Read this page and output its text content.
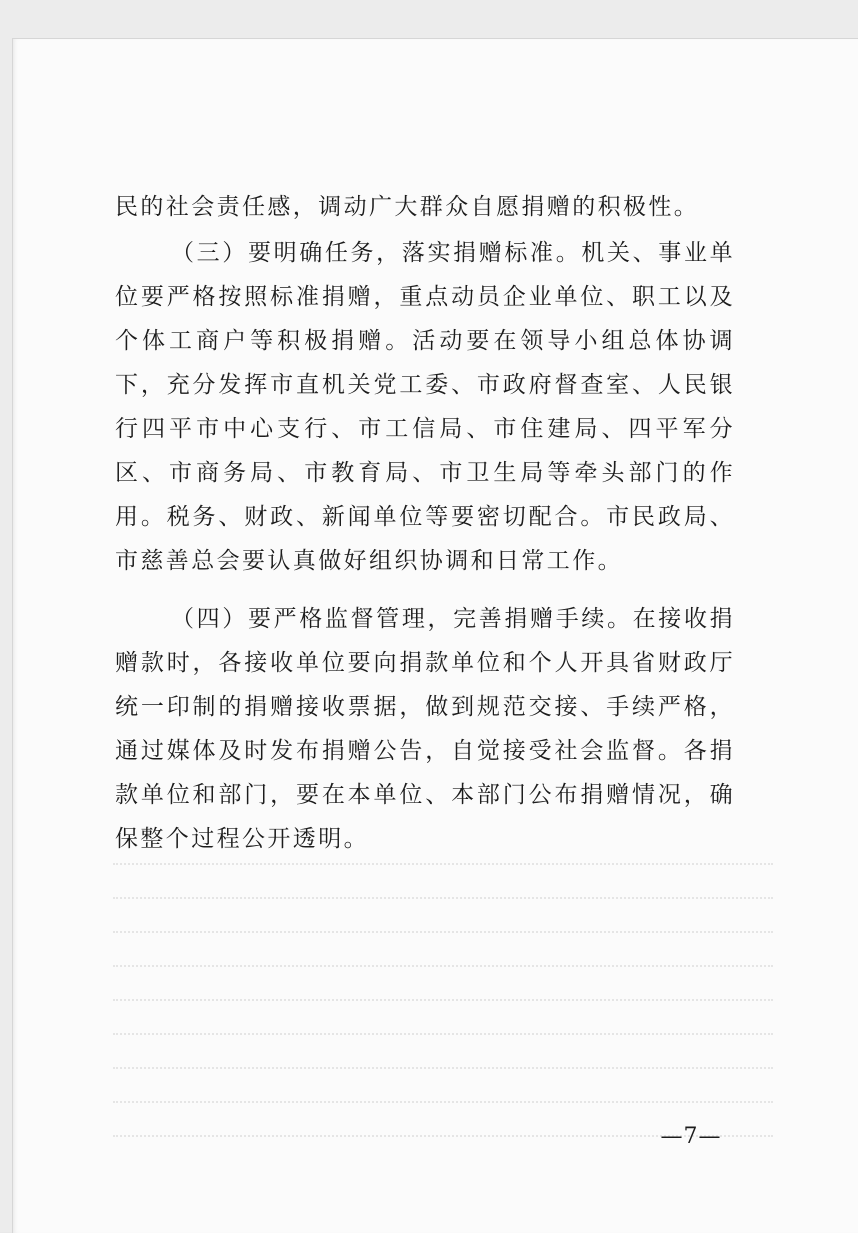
民的社会责任感，调动广大群众自愿捐赠的积极性。

（三）要明确任务，落实捐赠标准。机关、事业单位要严格按照标准捐赠，重点动员企业单位、职工以及个体工商户等积极捐赠。活动要在领导小组总体协调下，充分发挥市直机关党工委、市政府督查室、人民银行四平市中心支行、市工信局、市住建局、四平军分区、市商务局、市教育局、市卫生局等牵头部门的作用。税务、财政、新闻单位等要密切配合。市民政局、市慈善总会要认真做好组织协调和日常工作。

（四）要严格监督管理，完善捐赠手续。在接收捐赠款时，各接收单位要向捐款单位和个人开具省财政厅统一印制的捐赠接收票据，做到规范交接、手续严格，通过媒体及时发布捐赠公告，自觉接受社会监督。各捐款单位和部门，要在本单位、本部门公布捐赠情况，确保整个过程公开透明。

—7—
